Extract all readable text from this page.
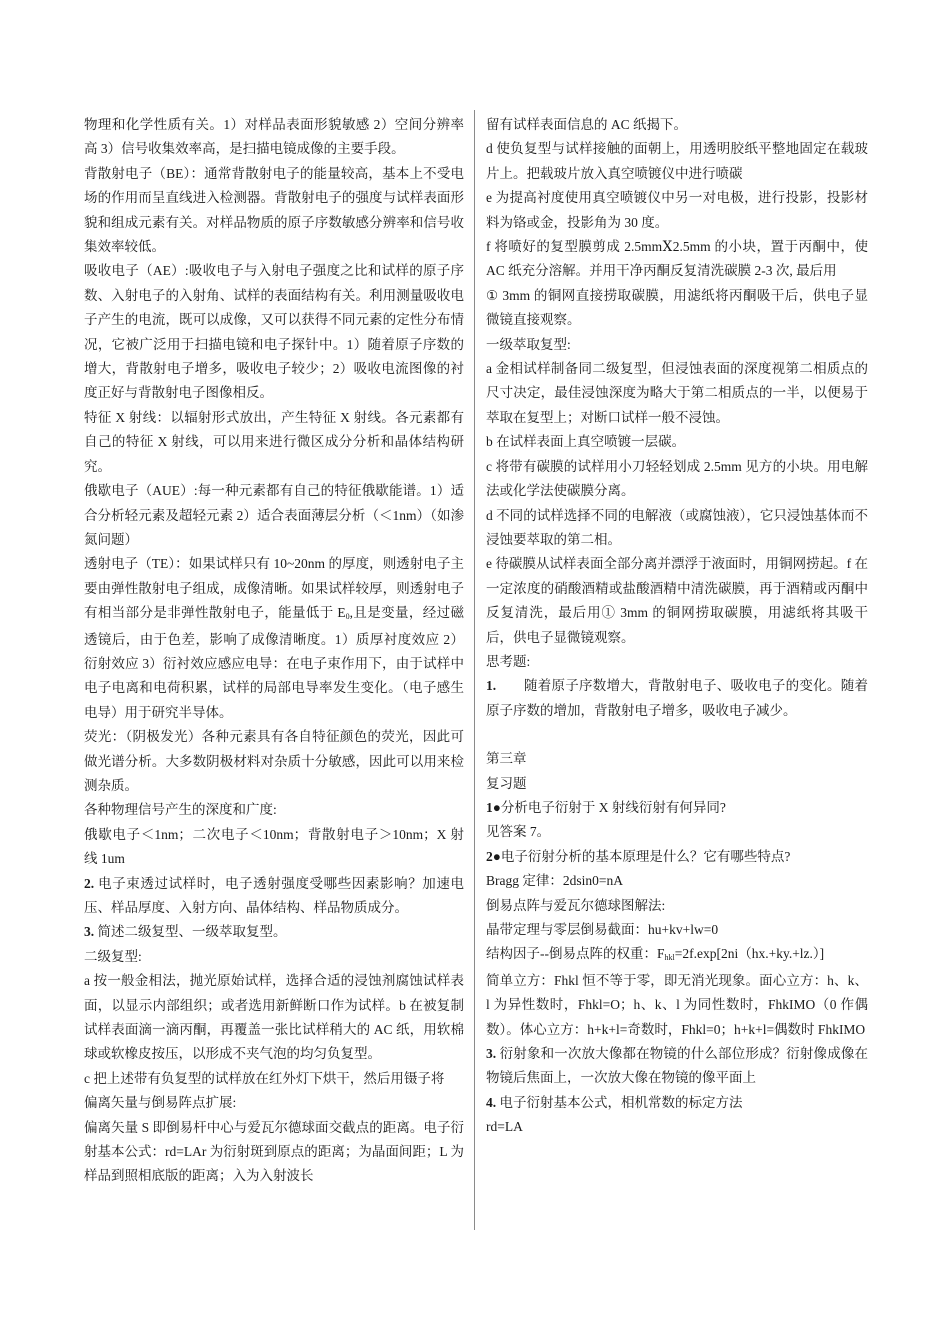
物理和化学性质有关。1）对样品表面形貌敏感 2）空间分辨率高 3）信号收集效率高，是扫描电镜成像的主要手段。

背散射电子（BE）：通常背散射电子的能量较高，基本上不受电场的作用而呈直线进入检测器。背散射电子的强度与试样表面形貌和组成元素有关。对样品物质的原子序数敏感分辨率和信号收集效率较低。

吸收电子（AE）:吸收电子与入射电子强度之比和试样的原子序数、入射电子的入射角、试样的表面结构有关。利用测量吸收电子产生的电流，既可以成像，又可以获得不同元素的定性分布情况，它被广泛用于扫描电镜和电子探针中。1）随着原子序数的增大，背散射电子增多，吸收电子较少；2）吸收电流图像的衬度正好与背散射电子图像相反。

特征 X 射线：以辐射形式放出，产生特征 X 射线。各元素都有自己的特征 X 射线，可以用来进行微区成分分析和晶体结构研究。

俄歇电子（AUE）:每一种元素都有自己的特征俄歇能谱。1）适合分析轻元素及超轻元素 2）适合表面薄层分析（＜1nm）（如渗氮问题）

透射电子（TE）：如果试样只有 10~20nm 的厚度，则透射电子主要由弹性散射电子组成，成像清晰。如果试样较厚，则透射电子有相当部分是非弹性散射电子，能量低于 $E_0$,且是变量，经过磁透镜后，由于色差，影响了成像清晰度。1）质厚衬度效应 2）衍射效应 3）衍衬效应感应电导：在电子束作用下，由于试样中电子电离和电荷积累，试样的局部电导率发生变化。（电子感生电导）用于研究半导体。

荧光：（阴极发光）各种元素具有各自特征颜色的荧光，因此可做光谱分析。大多数阴极材料对杂质十分敏感，因此可以用来检测杂质。

各种物理信号产生的深度和广度:

俄歇电子＜1nm；二次电子＜10nm；背散射电子＞10nm；X 射线 1um

2. 电子束透过试样时，电子透射强度受哪些因素影响？加速电压、样品厚度、入射方向、晶体结构、样品物质成分。

3. 简述二级复型、一级萃取复型。

二级复型:

a 按一般金相法，抛光原始试样，选择合适的浸蚀剂腐蚀试样表面，以显示内部组织；或者选用新鲜断口作为试样。b 在被复制试样表面滴一滴丙酮，再覆盖一张比试样稍大的 AC 纸，用软棉球或软橡皮按压，以形成不夹气泡的均匀负复型。

c 把上述带有负复型的试样放在红外灯下烘干，然后用镊子将

偏离矢量与倒易阵点扩展:

偏离矢量 S 即倒易杆中心与爱瓦尔德球面交截点的距离。电子衍射基本公式：rd=LAr 为衍射斑到原点的距离；为晶面间距；L 为样品到照相底版的距离；入为入射波长

留有试样表面信息的 AC 纸揭下。

d 使负复型与试样接触的面朝上，用透明胶纸平整地固定在载玻片上。把载玻片放入真空喷镀仪中进行喷碳

e 为提高衬度使用真空喷镀仪中另一对电极，进行投影，投影材料为铬或金，投影角为 30 度。

f 将喷好的复型膜剪成 2.5mmⅩ2.5mm 的小块，置于丙酮中，使 AC 纸充分溶解。并用干净丙酮反复清洗碳膜 2-3 次, 最后用

① 3mm 的铜网直接捞取碳膜，用滤纸将丙酮吸干后，供电子显微镜直接观察。

一级萃取复型:

a 金相试样制备同二级复型，但浸蚀表面的深度视第二相质点的尺寸决定，最佳浸蚀深度为略大于第二相质点的一半，以便易于萃取在复型上；对断口试样一般不浸蚀。

b 在试样表面上真空喷镀一层碳。

c 将带有碳膜的试样用小刀轻轻划成 2.5mm 见方的小块。用电解法或化学法使碳膜分离。

d 不同的试样选择不同的电解液（或腐蚀液），它只浸蚀基体而不浸蚀要萃取的第二相。

e 待碳膜从试样表面全部分离并漂浮于液面时，用铜网捞起。f 在一定浓度的硝酸酒精或盐酸酒精中清洗碳膜，再于酒精或丙酮中反复清洗，最后用① 3mm 的铜网捞取碳膜，用滤纸将其吸干后，供电子显微镜观察。

思考题:

1.　　随着原子序数增大，背散射电子、吸收电子的变化。随着原子序数的增加，背散射电子增多，吸收电子减少。

第三章

复习题

1●分析电子衍射于 X 射线衍射有何异同?

见答案 7。

2●电子衍射分析的基本原理是什么？它有哪些特点?

Bragg 定律：2dsin0=nA

倒易点阵与爱瓦尔德球图解法:

晶带定理与零层倒易截面：hu+kv+lw=0

结构因子--倒易点阵的权重：$F_{hkl}=2f.\exp[2ni(hx.+ky.+lz.)]$

简单立方：Fhkl 恒不等于零，即无消光现象。面心立方：h、k、l 为异性数时，Fhkl=O；h、k、l 为同性数时，FhkIMO（0 作偶数）。体心立方：h+k+l=奇数时，Fhkl=0；h+k+l=偶数时 FhkIMO

3. 衍射象和一次放大像都在物镜的什么部位形成？衍射像成像在物镜后焦面上，一次放大像在物镜的像平面上

4. 电子衍射基本公式，相机常数的标定方法

rd=LA
